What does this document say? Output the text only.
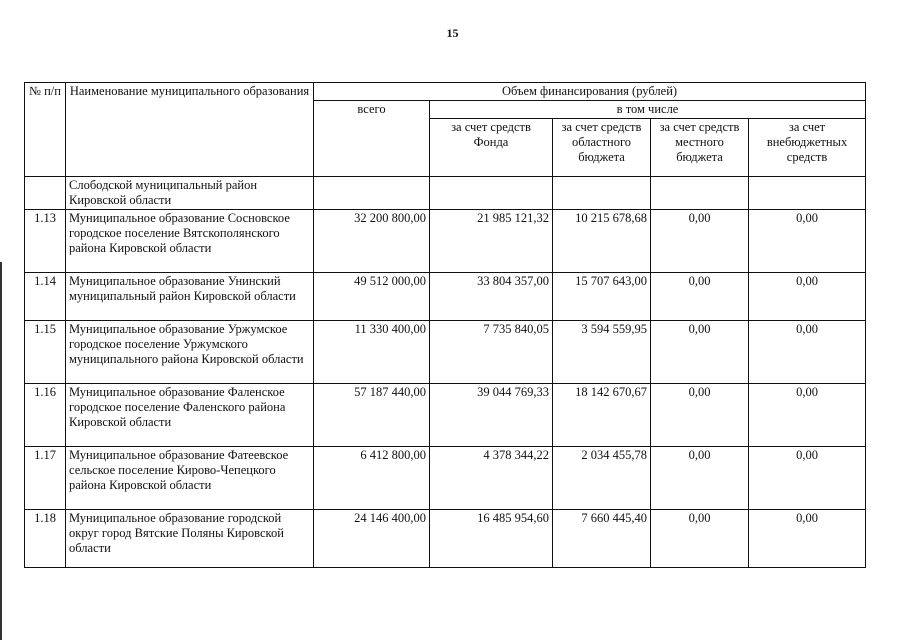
15
№ п/п	Наименование муниципального образования	Объем финансирования (рублей)				
		всего	в том числе			
			за счет средств Фонда	за счет средств областного бюджета	за счет средств местного бюджета	за счет внебюджетных средств
	Слободской муниципальный район Кировской области					
1.13	Муниципальное образование Сосновское городское поселение Вятскополянского района Кировской области	32 200 800,00	21 985 121,32	10 215 678,68	0,00	0,00
1.14	Муниципальное образование Унинский муниципальный район Кировской области	49 512 000,00	33 804 357,00	15 707 643,00	0,00	0,00
1.15	Муниципальное образование Уржумское городское поселение Уржумского муниципального района Кировской области	11 330 400,00	7 735 840,05	3 594 559,95	0,00	0,00
1.16	Муниципальное образование Фаленское городское поселение Фаленского района Кировской области	57 187 440,00	39 044 769,33	18 142 670,67	0,00	0,00
1.17	Муниципальное образование Фатеевское сельское поселение Кирово-Чепецкого района Кировской области	6 412 800,00	4 378 344,22	2 034 455,78	0,00	0,00
1.18	Муниципальное образование городской округ город Вятские Поляны Кировской области	24 146 400,00	16 485 954,60	7 660 445,40	0,00	0,00
